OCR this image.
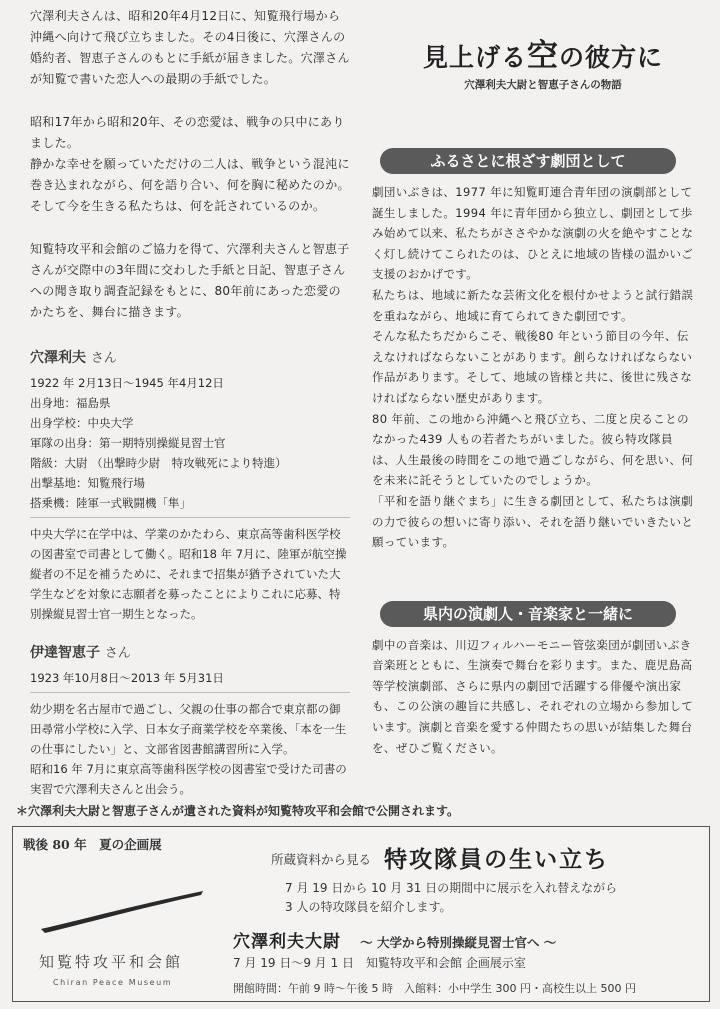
穴澤利夫さんは、昭和20年4月12日に、知覧飛行場から沖縄へ向けて飛び立ちました。その4日後に、穴澤さんの婚約者、智恵子さんのもとに手紙が届きました。穴澤さんが知覧で書いた恋人への最期の手紙でした。

昭和17年から昭和20年、その恋愛は、戦争の只中にありました。

静かな幸せを願っていただけの二人は、戦争という混沌に巻き込まれながら、何を語り合い、何を胸に秘めたのか。そして今を生きる私たちは、何を託されているのか。

知覧特攻平和会館のご協力を得て、穴澤利夫さんと智恵子さんが交際中の3年間に交わした手紙と日記、智恵子さんへの聞き取り調査記録をもとに、80年前にあった恋愛のかたちを、舞台に描きます。

穴澤利夫 さん
1922 年 2月13日〜1945 年4月12日
出身地：福島県
出身学校：中央大学
軍隊の出身：第一期特別操縦見習士官
階級：大尉 （出撃時少尉　特攻戦死により特進）
出撃基地：知覧飛行場
搭乗機：陸軍一式戦闘機「隼」

中央大学に在学中は、学業のかたわら、東京高等歯科医学校の図書室で司書として働く。昭和18 年 7月に、陸軍が航空操縦者の不足を補うために、それまで招集が猶予されていた大学生などを対象に志願者を募ったことによりこれに応募、特別操縦見習士官一期生となった。

伊達智恵子 さん
1923 年10月8日〜2013 年 5月31日

幼少期を名古屋市で過ごし、父親の仕事の都合で東京都の御田尋常小学校に入学、日本女子商業学校を卒業後、「本を一生の仕事にしたい」と、文部省図書館講習所に入学。

昭和16 年 7月に東京高等歯科医学校の図書室で受けた司書の実習で穴澤利夫さんと出会う。

見上げる空の彼方に
穴澤利夫大尉と智恵子さんの物語
ふるさとに根ざす劇団として

劇団いぶきは、1977 年に知覧町連合青年団の演劇部として誕生しました。1994 年に青年団から独立し、劇団として歩み始めて以来、私たちがささやかな演劇の火を絶やすことなく灯し続けてこられたのは、ひとえに地域の皆様の温かいご支援のおかげです。

私たちは、地域に新たな芸術文化を根付かせようと試行錯誤を重ねながら、地域に育てられてきた劇団です。

そんな私たちだからこそ、戦後80 年という節目の今年、伝えなければならないことがあります。創らなければならない作品があります。そして、地域の皆様と共に、後世に残さなければならない歴史があります。

80 年前、この地から沖縄へと飛び立ち、二度と戻ることのなかった439 人もの若者たちがいました。彼ら特攻隊員は、人生最後の時間をこの地で過ごしながら、何を思い、何を未来に託そうとしていたのでしょうか。

「平和を語り継ぐまち」に生きる劇団として、私たちは演劇の力で彼らの想いに寄り添い、それを語り継いでいきたいと願っています。

県内の演劇人・音楽家と一緒に

劇中の音楽は、川辺フィルハーモニー管弦楽団が劇団いぶき音楽班とともに、生演奏で舞台を彩ります。また、鹿児島高等学校演劇部、さらに県内の劇団で活躍する俳優や演出家も、この公演の趣旨に共感し、それぞれの立場から参加しています。演劇と音楽を愛する仲間たちの思いが結集した舞台を、ぜひご覧ください。

＊穴澤利夫大尉と智恵子さんが遺された資料が知覧特攻平和会館で公開されます。
戦後 80 年　夏の企画展
知覧特攻平和会館
Chiran Peace Museum
所蔵資料から見る 特攻隊員の生い立ち
7 月 19 日から 10 月 31 日の期間中に展示を入れ替えながら
3 人の特攻隊員を紹介します。
穴澤利夫大尉 ～ 大学から特別操縦見習士官へ ～
7 月 19 日〜9 月 1 日　知覧特攻平和会館 企画展示室
開館時間：午前 9 時〜午後 5 時　入館料：小中学生 300 円・高校生以上 500 円
